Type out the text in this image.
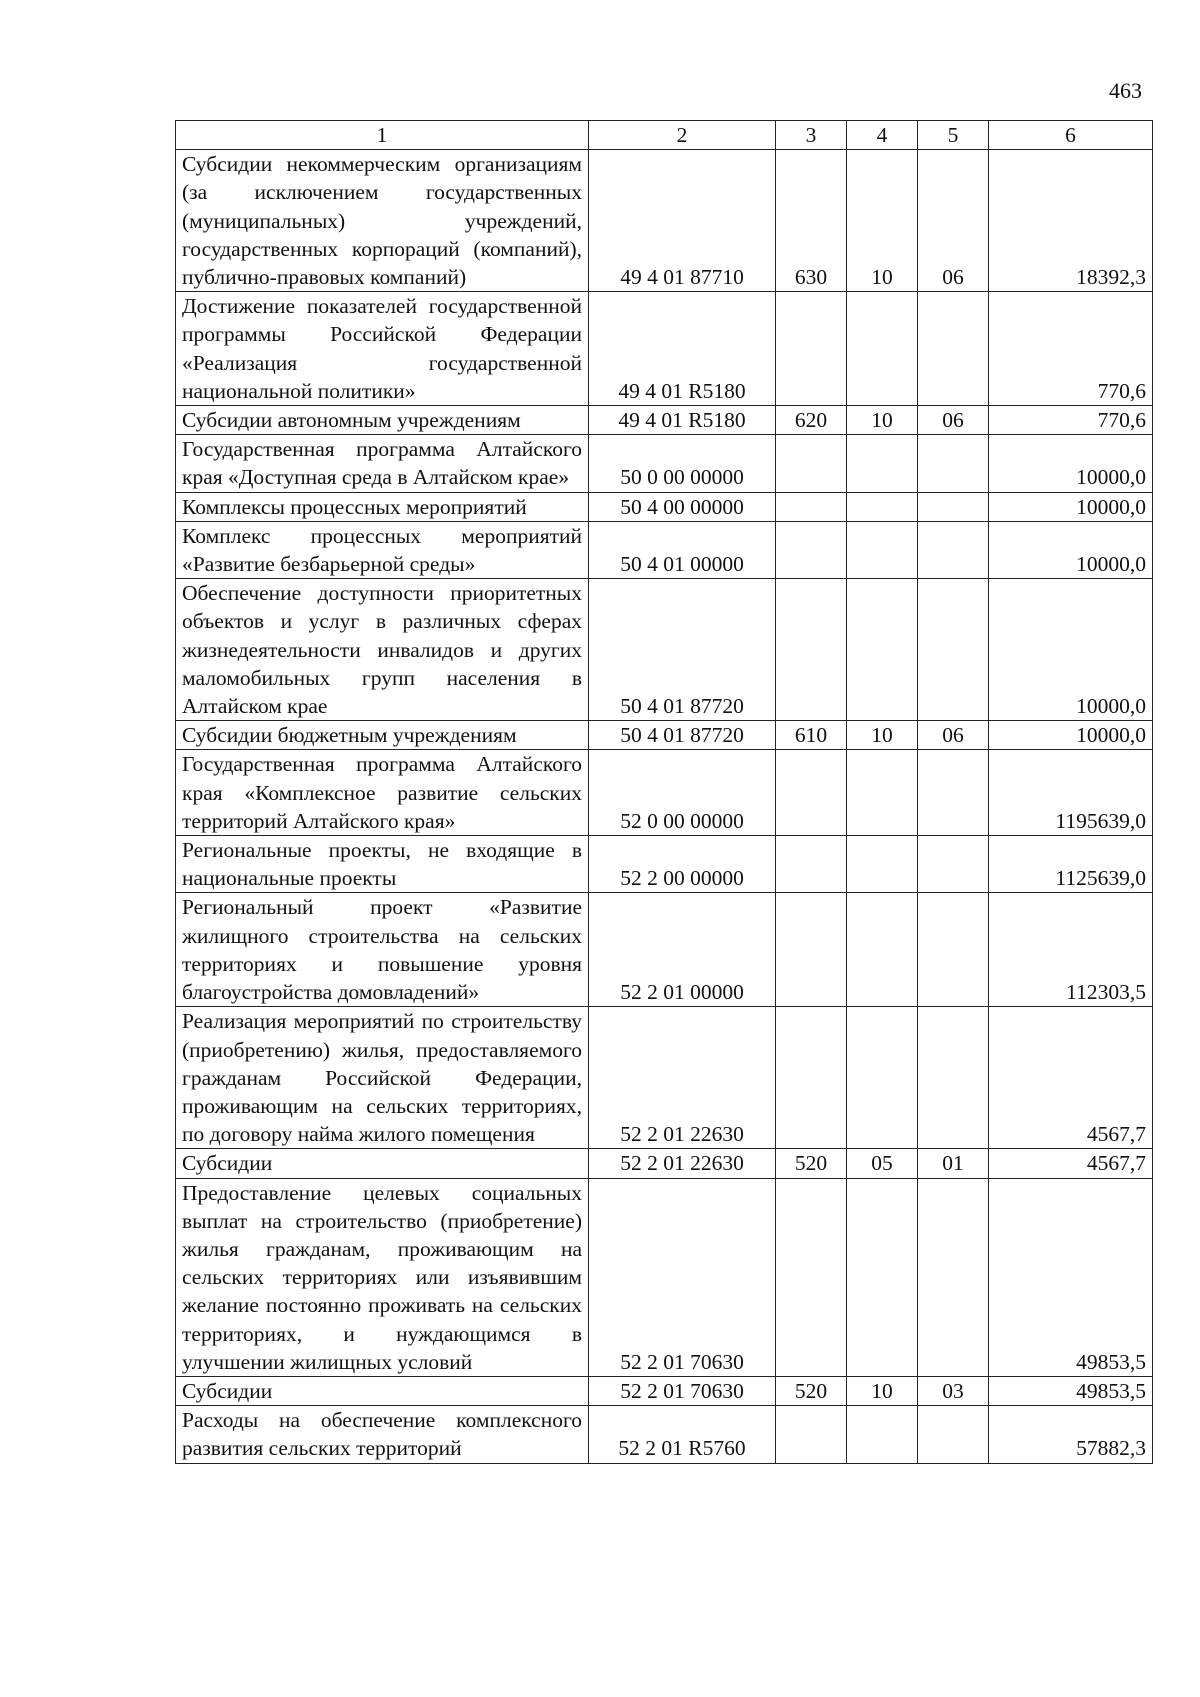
463
1	2	3	4	5	6
Субсидии некоммерческим организациям (за исключением государственных (муниципальных) учреждений, государственных корпораций (компаний), публично-правовых компаний)	49 4 01 87710	630	10	06	18392,3
Достижение показателей государственной программы Российской Федерации «Реализация государственной национальной политики»	49 4 01 R5180				770,6
Субсидии автономным учреждениям	49 4 01 R5180	620	10	06	770,6
Государственная программа Алтайского края «Доступная среда в Алтайском крае»	50 0 00 00000				10000,0
Комплексы процессных мероприятий	50 4 00 00000				10000,0
Комплекс процессных мероприятий «Развитие безбарьерной среды»	50 4 01 00000				10000,0
Обеспечение доступности приоритетных объектов и услуг в различных сферах жизнедеятельности инвалидов и других маломобильных групп населения в Алтайском крае	50 4 01 87720				10000,0
Субсидии бюджетным учреждениям	50 4 01 87720	610	10	06	10000,0
Государственная программа Алтайского края «Комплексное развитие сельских территорий Алтайского края»	52 0 00 00000				1195639,0
Региональные проекты, не входящие в национальные проекты	52 2 00 00000				1125639,0
Региональный проект «Развитие жилищного строительства на сельских территориях и повышение уровня благоустройства домовладений»	52 2 01 00000				112303,5
Реализация мероприятий по строительству (приобретению) жилья, предоставляемого гражданам Российской Федерации, проживающим на сельских территориях, по договору найма жилого помещения	52 2 01 22630				4567,7
Субсидии	52 2 01 22630	520	05	01	4567,7
Предоставление целевых социальных выплат на строительство (приобретение) жилья гражданам, проживающим на сельских территориях или изъявившим желание постоянно проживать на сельских территориях, и нуждающимся в улучшении жилищных условий	52 2 01 70630				49853,5
Субсидии	52 2 01 70630	520	10	03	49853,5
Расходы на обеспечение комплексного развития сельских территорий	52 2 01 R5760				57882,3
